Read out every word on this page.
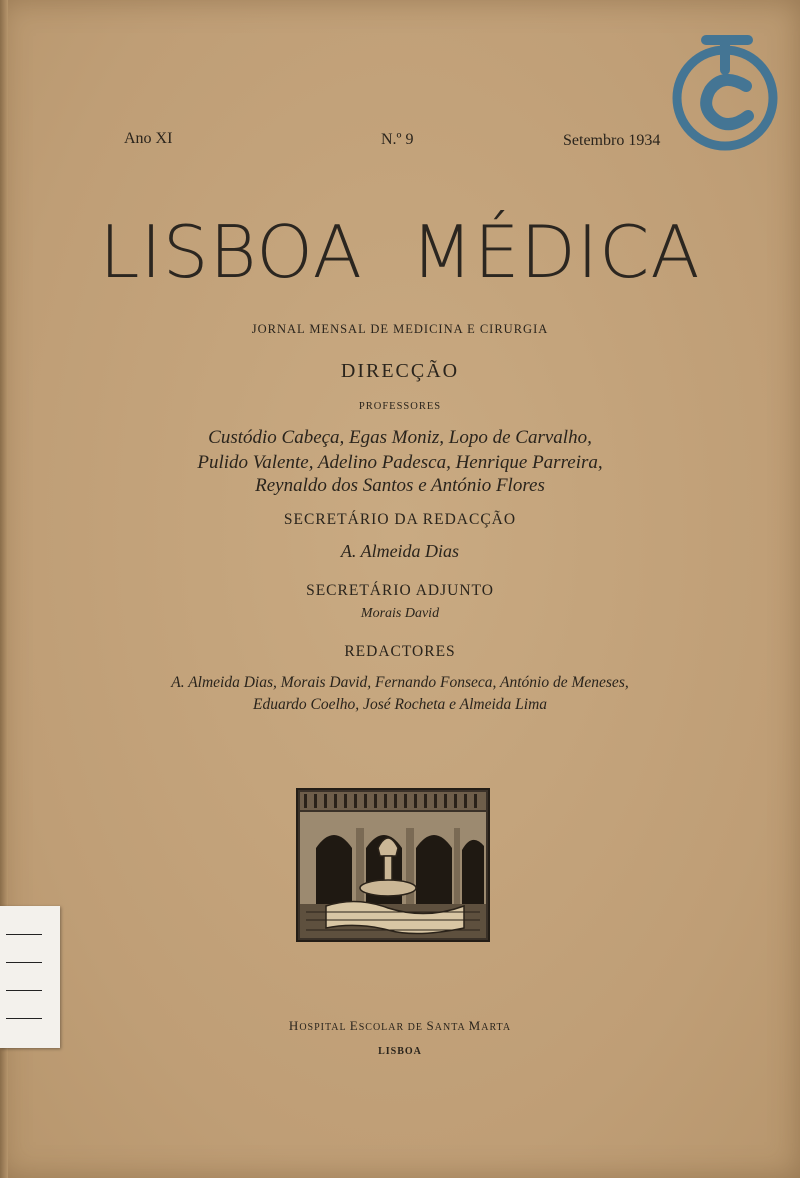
Ano XI	N.º 9	Setembro 1934
LISBOA MÉDICA
JORNAL MENSAL DE MEDICINA E CIRURGIA
DIRECÇÃO
PROFESSORES
Custódio Cabeça, Egas Moniz, Lopo de Carvalho,
Pulido Valente, Adelino Padesca, Henrique Parreira,
Reynaldo dos Santos e António Flores
SECRETÁRIO DA REDACÇÃO
A. Almeida Dias
SECRETÁRIO ADJUNTO
Morais David
REDACTORES
A. Almeida Dias, Morais David, Fernando Fonseca, António de Meneses,
Eduardo Coelho, José Rocheta e Almeida Lima
HOSPITAL ESCOLAR DE SANTA MARTA
LISBOA
